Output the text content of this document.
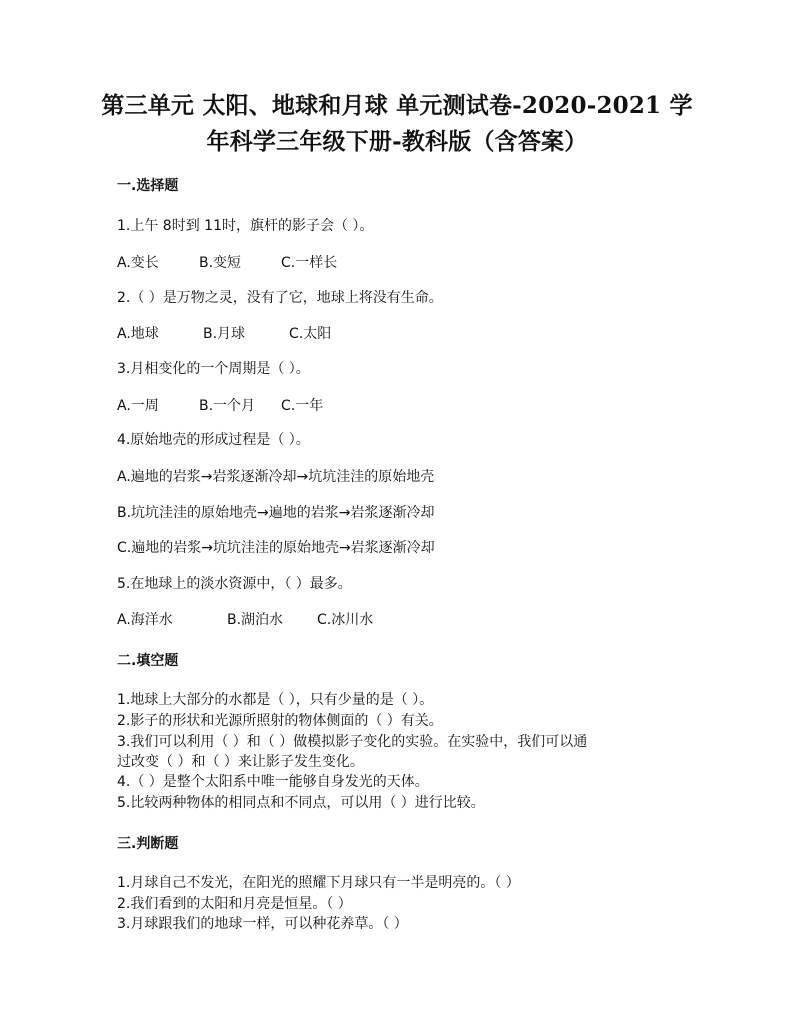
第三单元 太阳、地球和月球 单元测试卷-2020-2021 学
年科学三年级下册-教科版（含答案）
一.选择题
1.上午 8时到 11时，旗杆的影子会（ ）。
A.变长	B.变短	C.一样长
2.（ ）是万物之灵，没有了它，地球上将没有生命。
A.地球	B.月球	C.太阳
3.月相变化的一个周期是（ ）。
A.一周	B.一个月 C.一年
4.原始地壳的形成过程是（ ）。
A.遍地的岩浆→岩浆逐渐冷却→坑坑洼洼的原始地壳
B.坑坑洼洼的原始地壳→遍地的岩浆→岩浆逐渐冷却
C.遍地的岩浆→坑坑洼洼的原始地壳→岩浆逐渐冷却
5.在地球上的淡水资源中，（ ）最多。
A.海洋水	B.湖泊水 C.冰川水
二.填空题
1.地球上大部分的水都是（ ），只有少量的是（ ）。
2.影子的形状和光源所照射的物体侧面的（ ）有关。
3.我们可以利用（ ）和（ ）做模拟影子变化的实验。在实验中，我们可以通
过改变（ ）和（ ）来让影子发生变化。
4.（ ）是整个太阳系中唯一能够自身发光的天体。
5.比较两种物体的相同点和不同点，可以用（ ）进行比较。
三.判断题
1.月球自己不发光，在阳光的照耀下月球只有一半是明亮的。（ ）
2.我们看到的太阳和月亮是恒星。（ ）
3.月球跟我们的地球一样，可以种花养草。（ ）
